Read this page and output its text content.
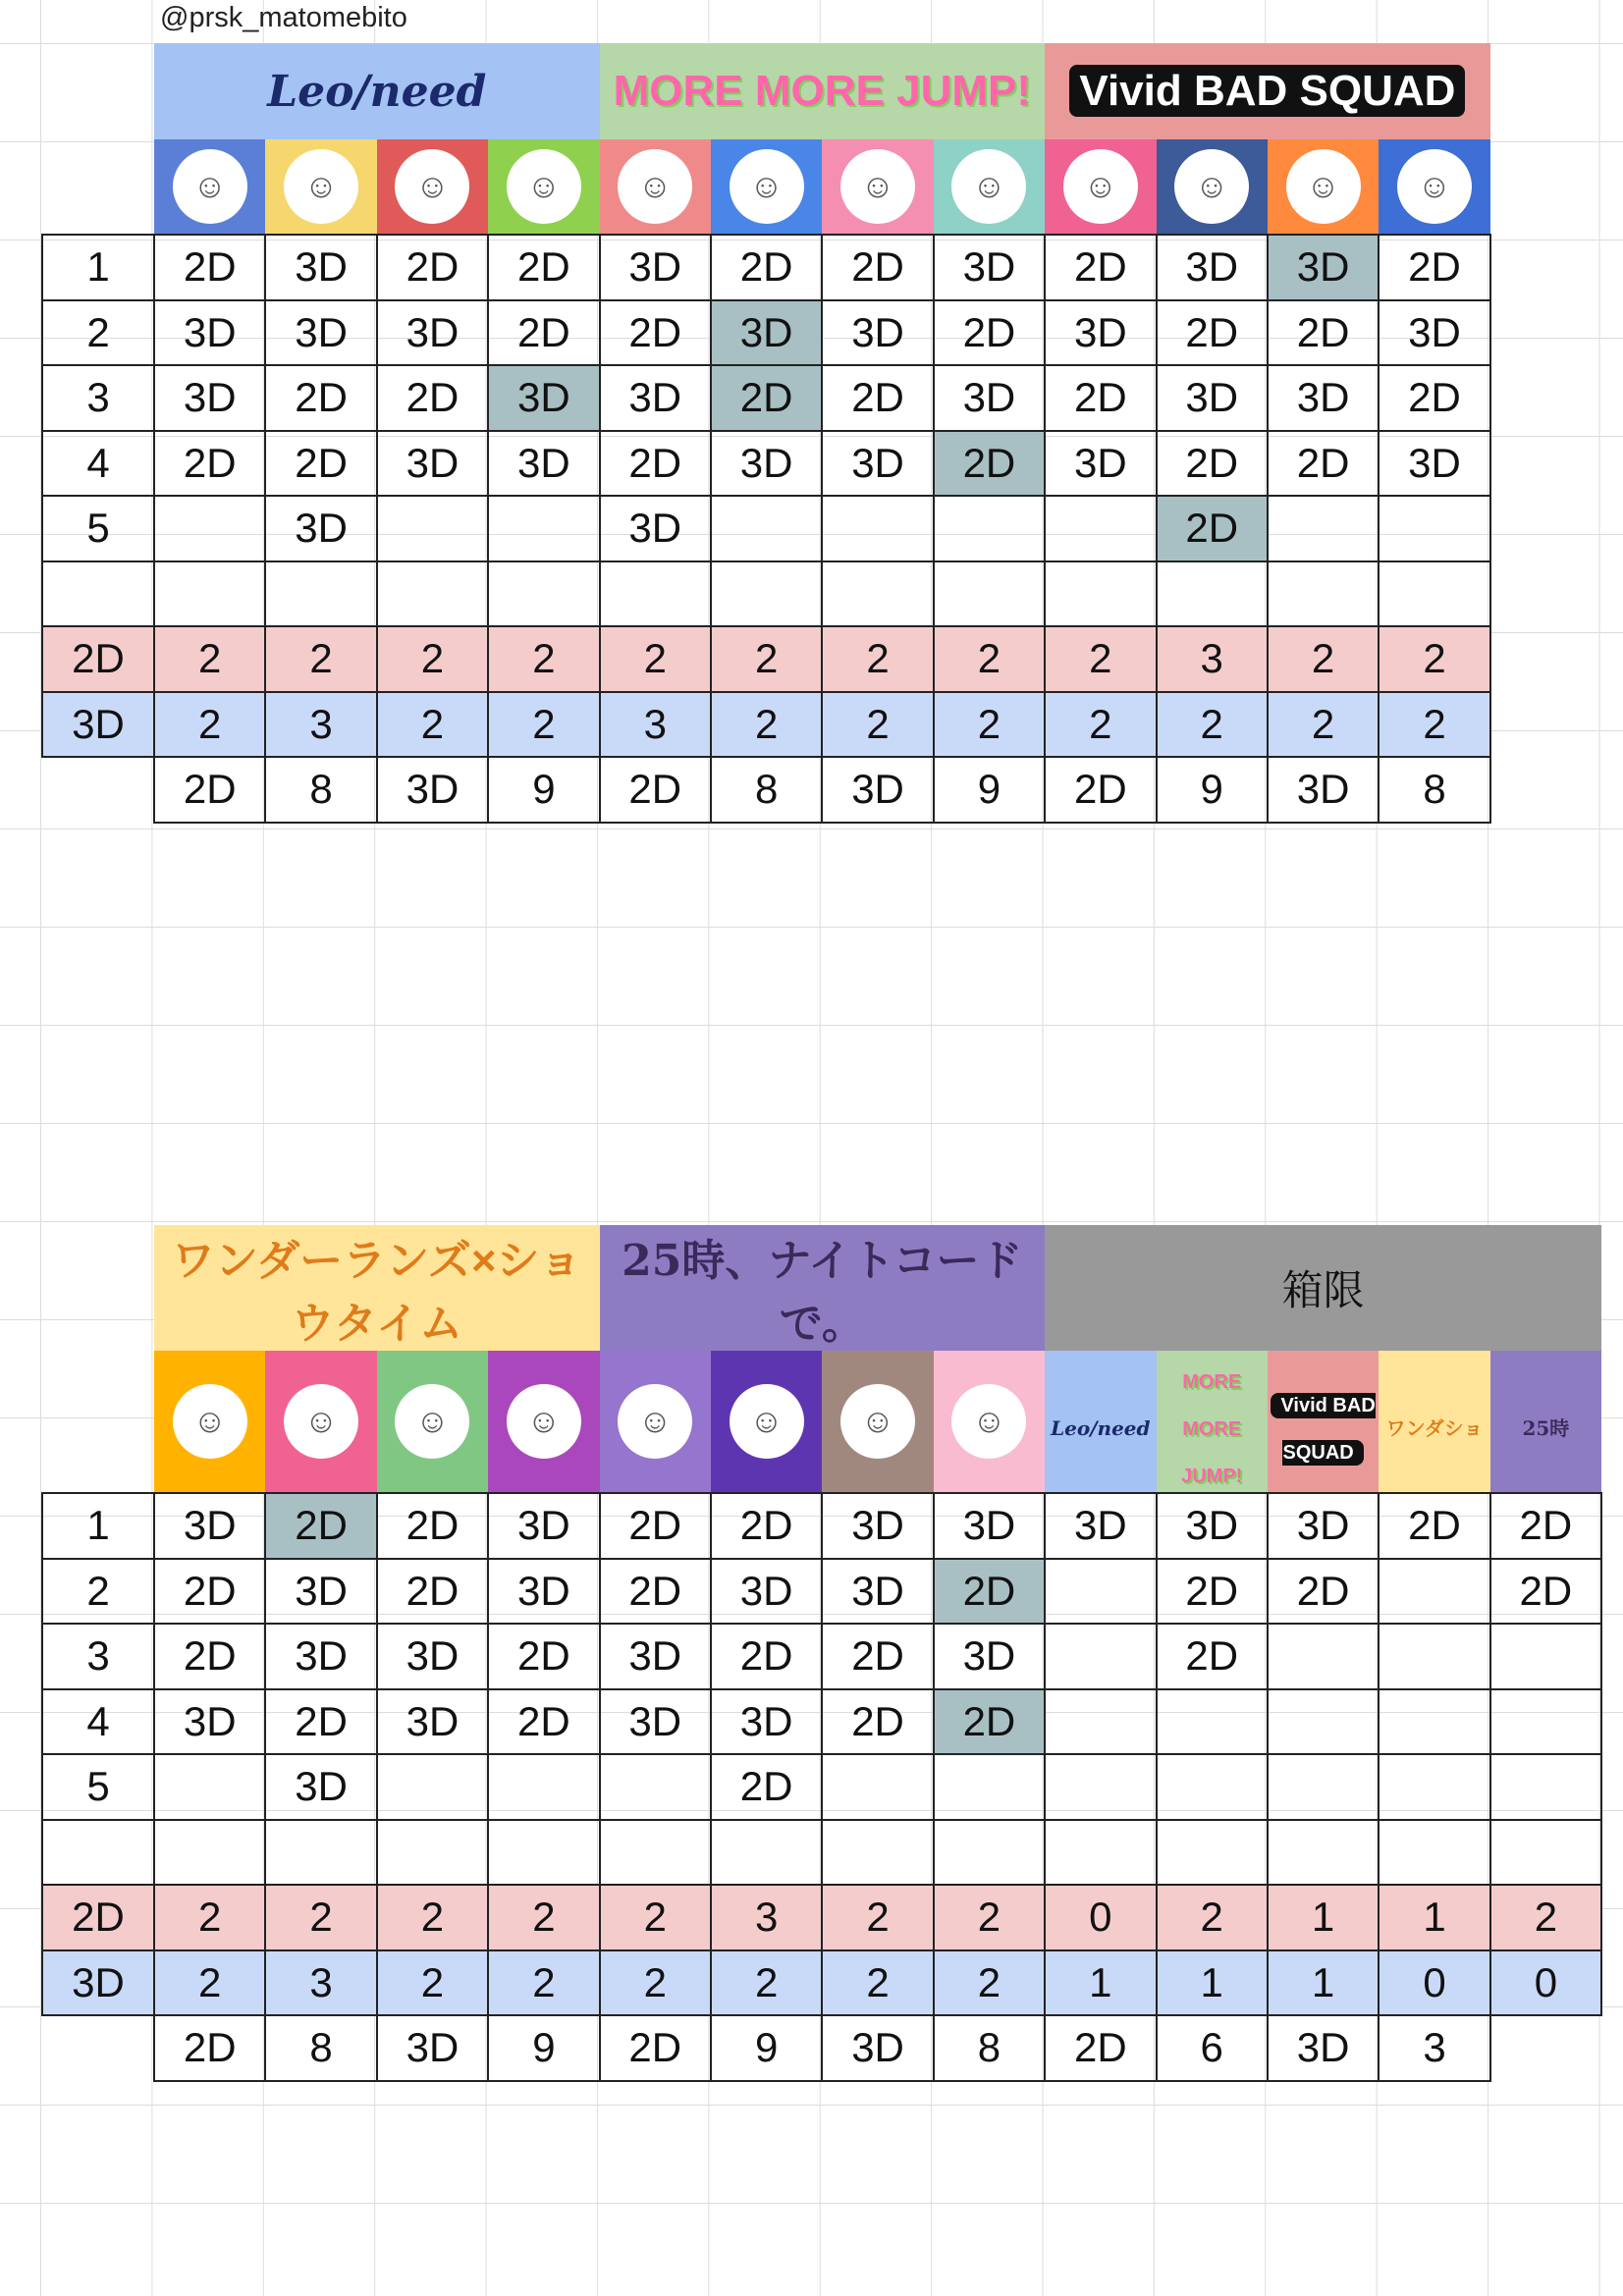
@prsk_matomebito
	Leo/need				MORE MORE JUMP!				Vivid BAD SQUAD			

☺	☺	☺	☺	☺	☺	☺	☺	☺	☺	☺	☺

1	2D	3D	2D	2D	3D	2D	2D	3D	2D	3D	3D	2D
2	3D	3D	3D	2D	2D	3D	3D	2D	3D	2D	2D	3D
3	3D	2D	2D	3D	3D	2D	2D	3D	2D	3D	3D	2D
4	2D	2D	3D	3D	2D	3D	3D	2D	3D	2D	2D	3D
5		3D			3D					2D		

2D	2	2	2	2	2	2	2	2	2	3	2	2
3D	2	3	2	2	3	2	2	2	2	2	2	2
	2D	8	3D	9	2D	8	3D	9	2D	9	3D	8
	ワンダーランズ×ショウタイム				25時、ナイトコードで。				箱限				

☺	☺	☺	☺	☺	☺	☺	☺	Leo/need	MORE MORE JUMP!	Vivid BAD SQUAD	ワンダショ	25時
1	3D	2D	2D	3D	2D	2D	3D	3D	3D	3D	3D	2D	2D
2	2D	3D	2D	3D	2D	3D	3D	2D		2D	2D		2D
3	2D	3D	3D	2D	3D	2D	2D	3D		2D			
4	3D	2D	3D	2D	3D	3D	2D	2D					
5		3D				2D							

2D	2	2	2	2	2	3	2	2	0	2	1	1	2
3D	2	3	2	2	2	2	2	2	1	1	1	0	0
	2D	8	3D	9	2D	9	3D	8	2D	6	3D	3	
